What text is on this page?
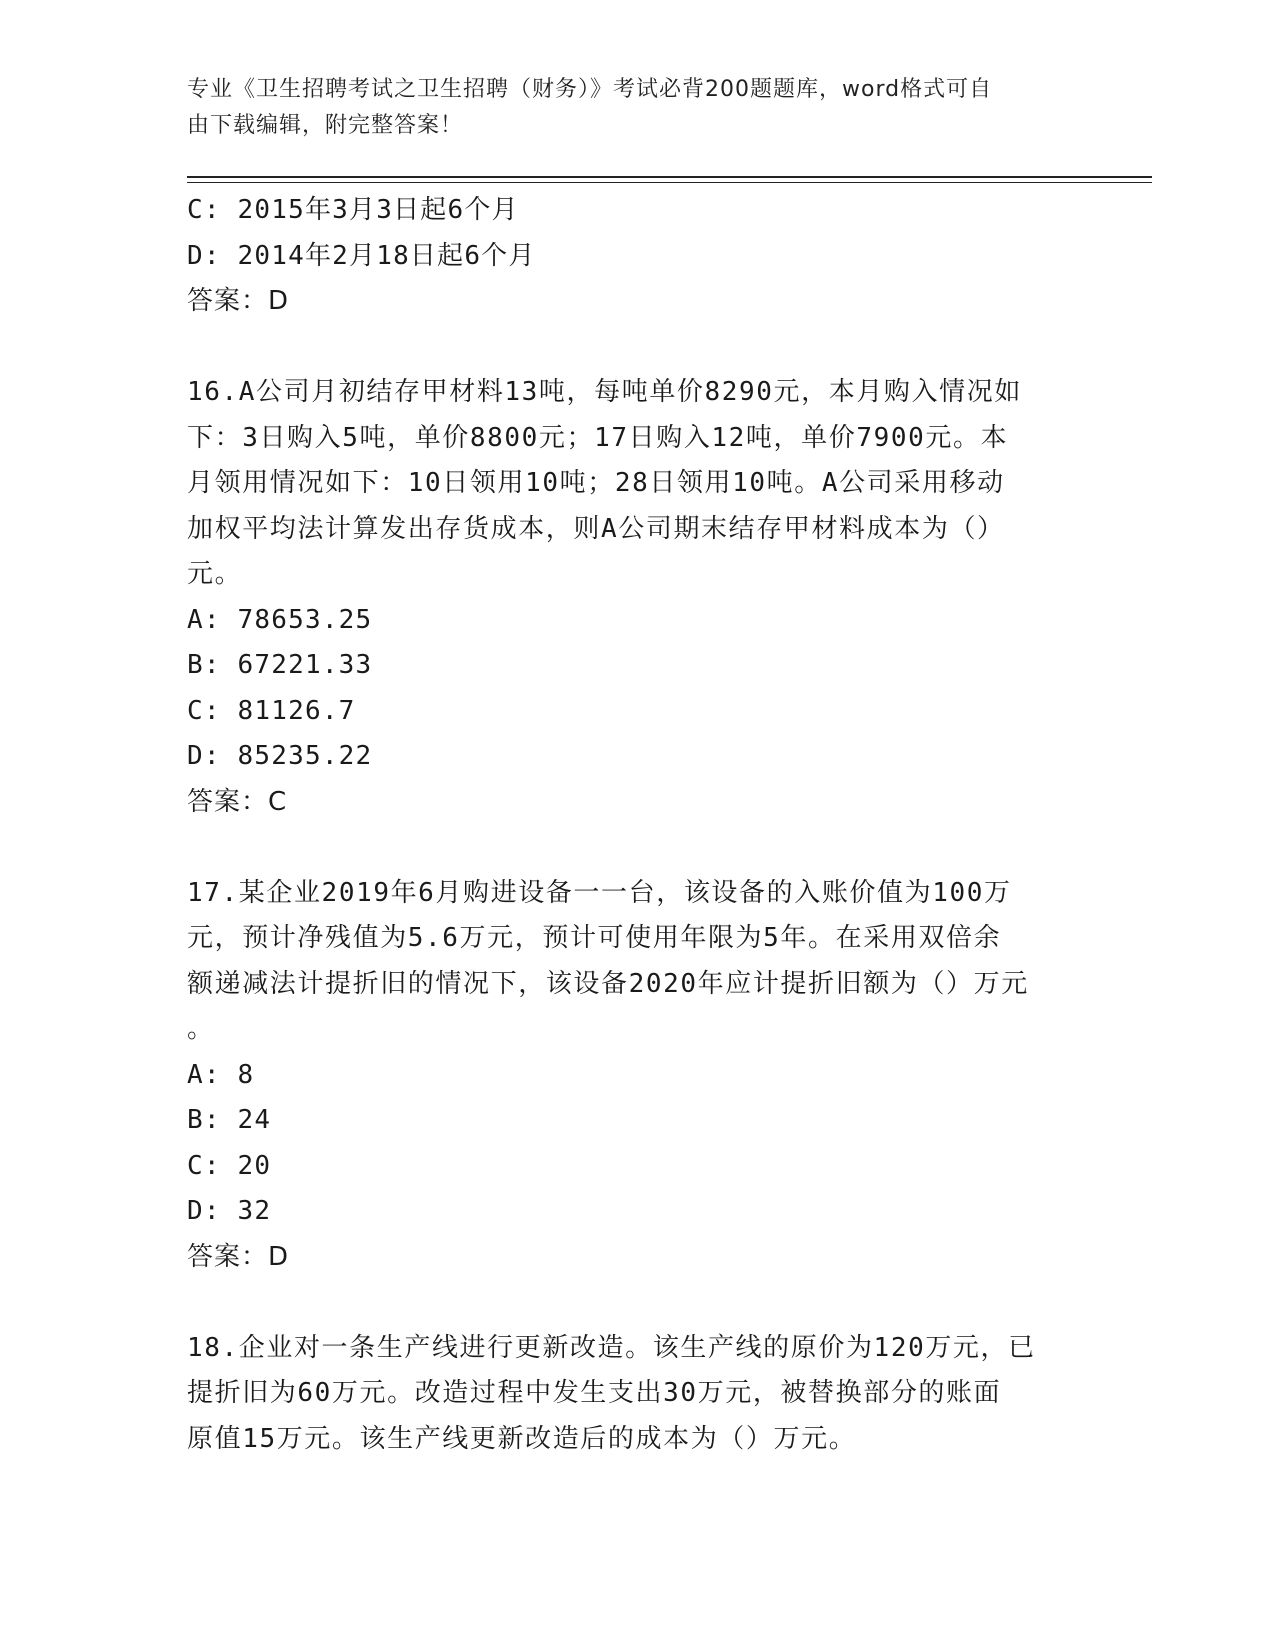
专业《卫生招聘考试之卫生招聘（财务）》考试必背200题题库，word格式可自
由下载编辑，附完整答案！
C: 2015年3月3日起6个月
D: 2014年2月18日起6个月
答案：D
16.A公司月初结存甲材料13吨，每吨单价8290元，本月购入情况如
下：3日购入5吨，单价8800元；17日购入12吨，单价7900元。本
月领用情况如下：10日领用10吨；28日领用10吨。A公司采用移动
加权平均法计算发出存货成本，则A公司期末结存甲材料成本为（）
元。
A: 78653.25
B: 67221.33
C: 81126.7
D: 85235.22
答案：C
17.某企业2019年6月购进设备一一台，该设备的入账价值为100万
元，预计净残值为5.6万元，预计可使用年限为5年。在采用双倍余
额递减法计提折旧的情况下，该设备2020年应计提折旧额为（）万元
。
A: 8
B: 24
C: 20
D: 32
答案：D
18.企业对一条生产线进行更新改造。该生产线的原价为120万元，已
提折旧为60万元。改造过程中发生支出30万元，被替换部分的账面
原值15万元。该生产线更新改造后的成本为（）万元。
